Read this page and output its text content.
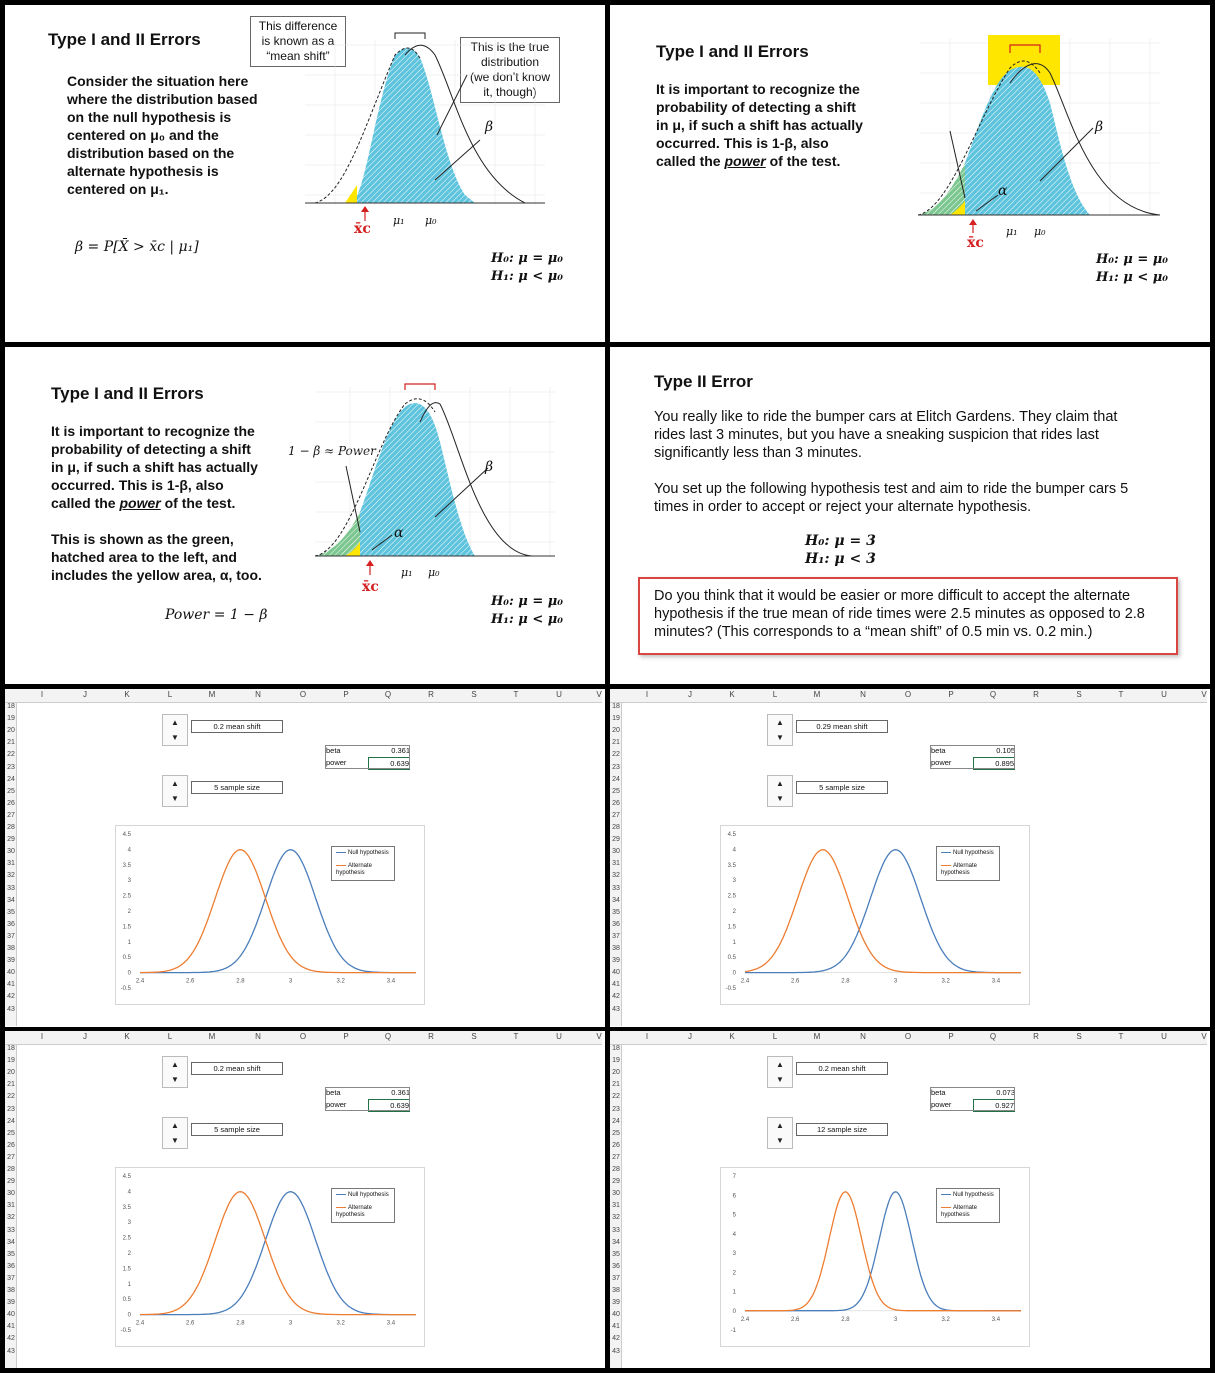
Type I and II Errors
Consider the situation here
where the distribution based
on the null hypothesis is
centered on μ₀ and the
distribution based on the
alternate hypothesis is
centered on μ₁.
This difference
is known as a
“mean shift”
This is the true
distribution
(we don’t know
it, though)
β
x̄c
μ₁ μ₀
β = P[X̄ > x̄c | μ₁]
H₀: μ = μ₀
H₁: μ < μ₀
Type I and II Errors
It is important to recognize the
probability of detecting a shift
in μ, if such a shift has actually
occurred. This is 1-β, also
called the power of the test.
β
α
x̄c
μ₁ μ₀
H₀: μ = μ₀
H₁: μ < μ₀
Type I and II Errors
It is important to recognize the
probability of detecting a shift
in μ, if such a shift has actually
occurred. This is 1-β, also
called the power of the test.
This is shown as the green,
hatched area to the left, and
includes the yellow area, α, too.
Power = 1 − β
1 − β ≈ Power
β
α
x̄c
μ₁ μ₀
H₀: μ = μ₀
H₁: μ < μ₀
Type II Error
You really like to ride the bumper cars at Elitch Gardens. They claim that
rides last 3 minutes, but you have a sneaking suspicion that rides last
significantly less than 3 minutes.
You set up the following hypothesis test and aim to ride the bumper cars 5
times in order to accept or reject your alternate hypothesis.
H₀: μ = 3
H₁: μ < 3
Do you think that it would be easier or more difficult to accept the alternate
hypothesis if the true mean of ride times were 2.5 minutes as opposed to 2.8
minutes? (This corresponds to a “mean shift” of 0.5 min vs. 0.2 min.)
I	J	K	L	M	N	O	P	Q	R	S	T	U	V
18
19
20
21
22
23
24
25
26
27
28
29
30
31
32
33
34
35
36
37
38
39
40
41
42
43
▲
▼
0.2 mean shift
▲
▼
5 sample size
beta	0.361
power	0.639
4.5
4
3.5
3
2.5
2
1.5
1
0.5
0
-0.5
2.4	2.6	2.8	3	3.2	3.4
Null hypothesis
Alternate hypothesis
I	J	K	L	M	N	O	P	Q	R	S	T	U	V
18
19
20
21
22
23
24
25
26
27
28
29
30
31
32
33
34
35
36
37
38
39
40
41
42
43
▲
▼
0.29 mean shift
▲
▼
5 sample size
beta	0.105
power	0.895
4.5
4
3.5
3
2.5
2
1.5
1
0.5
0
-0.5
2.4	2.6	2.8	3	3.2	3.4
Null hypothesis
Alternate hypothesis
I	J	K	L	M	N	O	P	Q	R	S	T	U	V
18
19
20
21
22
23
24
25
26
27
28
29
30
31
32
33
34
35
36
37
38
39
40
41
42
43
▲
▼
0.2 mean shift
▲
▼
5 sample size
beta	0.361
power	0.639
4.5
4
3.5
3
2.5
2
1.5
1
0.5
0
-0.5
2.4	2.6	2.8	3	3.2	3.4
Null hypothesis
Alternate hypothesis
I	J	K	L	M	N	O	P	Q	R	S	T	U	V
18
19
20
21
22
23
24
25
26
27
28
29
30
31
32
33
34
35
36
37
38
39
40
41
42
43
▲
▼
0.2 mean shift
▲
▼
12 sample size
beta	0.073
power	0.927
7
6
5
4
3
2
1
0
-1
2.4	2.6	2.8	3	3.2	3.4
Null hypothesis
Alternate hypothesis
